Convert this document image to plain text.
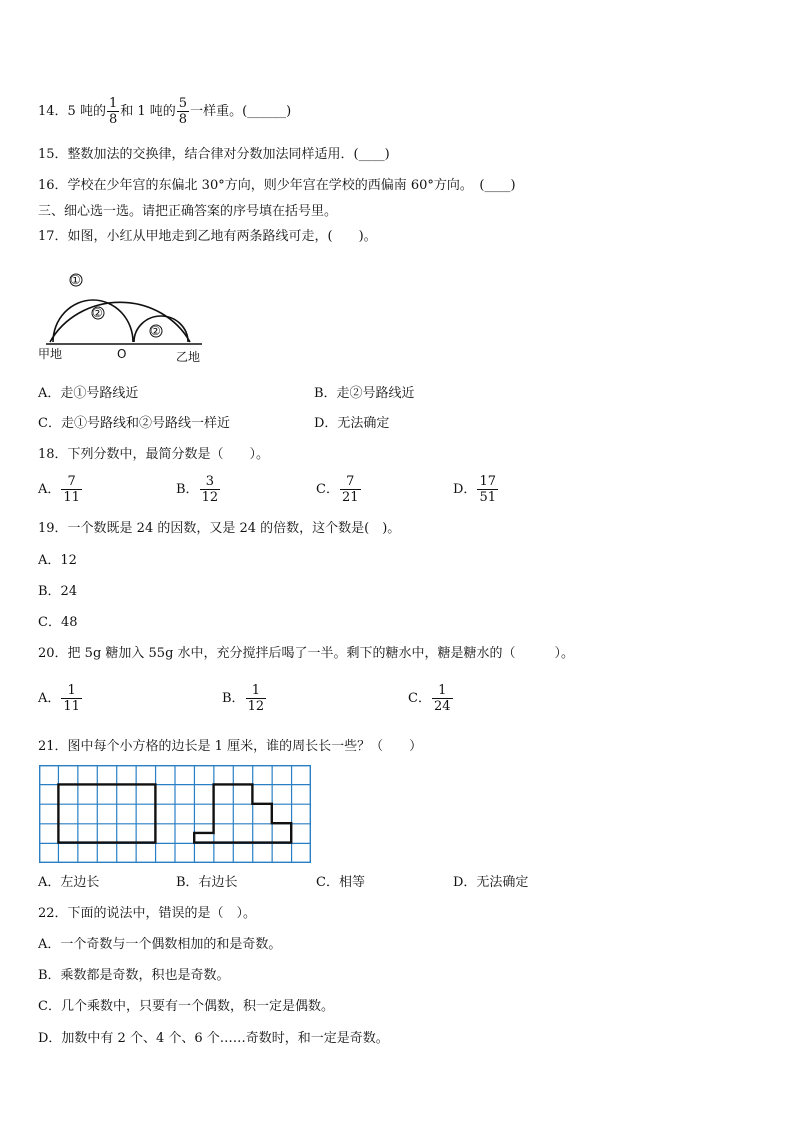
14．5 吨的 $\frac{1}{8}$ 和 1 吨的 $\frac{5}{8}$ 一样重。(______)
15．整数加法的交换律，结合律对分数加法同样适用．(____)
16．学校在少年宫的东偏北 30°方向，则少年宫在学校的西偏南 60°方向。　(____)
三、细心选一选。请把正确答案的序号填在括号里。
17．如图，小红从甲地走到乙地有两条路线可走，(　　)。
①
②
②
甲地	O	乙地
A．走①号路线近	B．走②号路线近
C．走①号路线和②号路线一样近	D．无法确定
18．下列分数中，最简分数是（　　）。
A． $\frac{7}{11}$	B． $\frac{3}{12}$	C． $\frac{7}{21}$	D． $\frac{17}{51}$
19．一个数既是 24 的因数，又是 24 的倍数，这个数是(　)。
A．12
B．24
C．48
20．把 5g 糖加入 55g 水中，充分搅拌后喝了一半。剩下的糖水中，糖是糖水的（　　　）。
A． $\frac{1}{11}$	B． $\frac{1}{12}$	C． $\frac{1}{24}$
21．图中每个小方格的边长是 1 厘米，谁的周长长一些？（　　）
A．左边长	B．右边长	C．相等	D．无法确定
22．下面的说法中，错误的是（　）。
A．一个奇数与一个偶数相加的和是奇数。
B．乘数都是奇数，积也是奇数。
C．几个乘数中，只要有一个偶数，积一定是偶数。
D．加数中有 2 个、4 个、6 个……奇数时，和一定是奇数。
